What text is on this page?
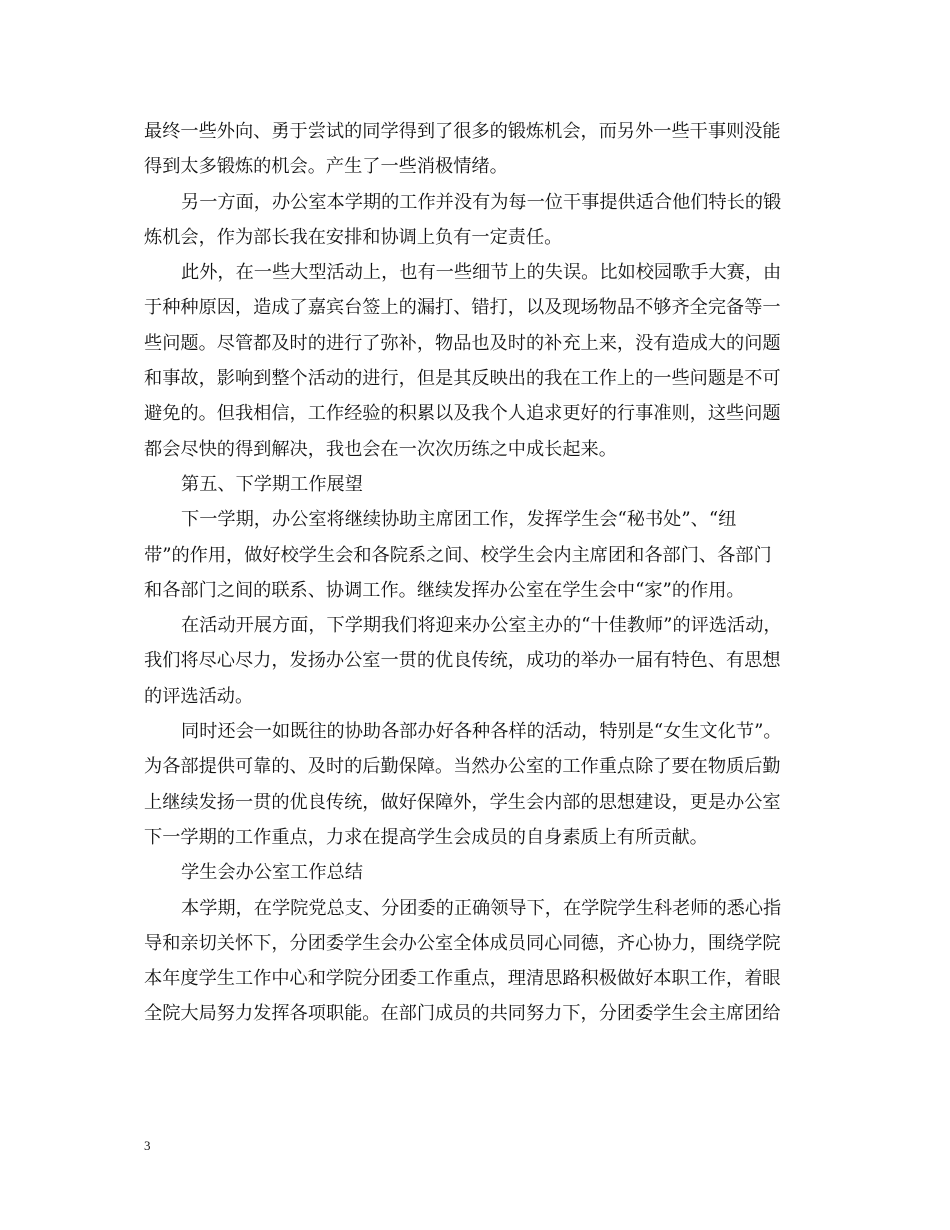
最终一些外向、勇于尝试的同学得到了很多的锻炼机会，而另外一些干事则没能
得到太多锻炼的机会。产生了一些消极情绪。
另一方面，办公室本学期的工作并没有为每一位干事提供适合他们特长的锻
炼机会，作为部长我在安排和协调上负有一定责任。
此外，在一些大型活动上，也有一些细节上的失误。比如校园歌手大赛，由
于种种原因，造成了嘉宾台签上的漏打、错打，以及现场物品不够齐全完备等一
些问题。尽管都及时的进行了弥补，物品也及时的补充上来，没有造成大的问题
和事故，影响到整个活动的进行，但是其反映出的我在工作上的一些问题是不可
避免的。但我相信，工作经验的积累以及我个人追求更好的行事准则，这些问题
都会尽快的得到解决，我也会在一次次历练之中成长起来。
第五、下学期工作展望
下一学期，办公室将继续协助主席团工作，发挥学生会“秘书处”、“纽
带”的作用，做好校学生会和各院系之间、校学生会内主席团和各部门、各部门
和各部门之间的联系、协调工作。继续发挥办公室在学生会中“家”的作用。
在活动开展方面，下学期我们将迎来办公室主办的“十佳教师”的评选活动，
我们将尽心尽力，发扬办公室一贯的优良传统，成功的举办一届有特色、有思想
的评选活动。
同时还会一如既往的协助各部办好各种各样的活动，特别是“女生文化节”。
为各部提供可靠的、及时的后勤保障。当然办公室的工作重点除了要在物质后勤
上继续发扬一贯的优良传统，做好保障外，学生会内部的思想建设，更是办公室
下一学期的工作重点，力求在提高学生会成员的自身素质上有所贡献。
学生会办公室工作总结
本学期，在学院党总支、分团委的正确领导下，在学院学生科老师的悉心指
导和亲切关怀下，分团委学生会办公室全体成员同心同德，齐心协力，围绕学院
本年度学生工作中心和学院分团委工作重点，理清思路积极做好本职工作，着眼
全院大局努力发挥各项职能。在部门成员的共同努力下，分团委学生会主席团给
3
